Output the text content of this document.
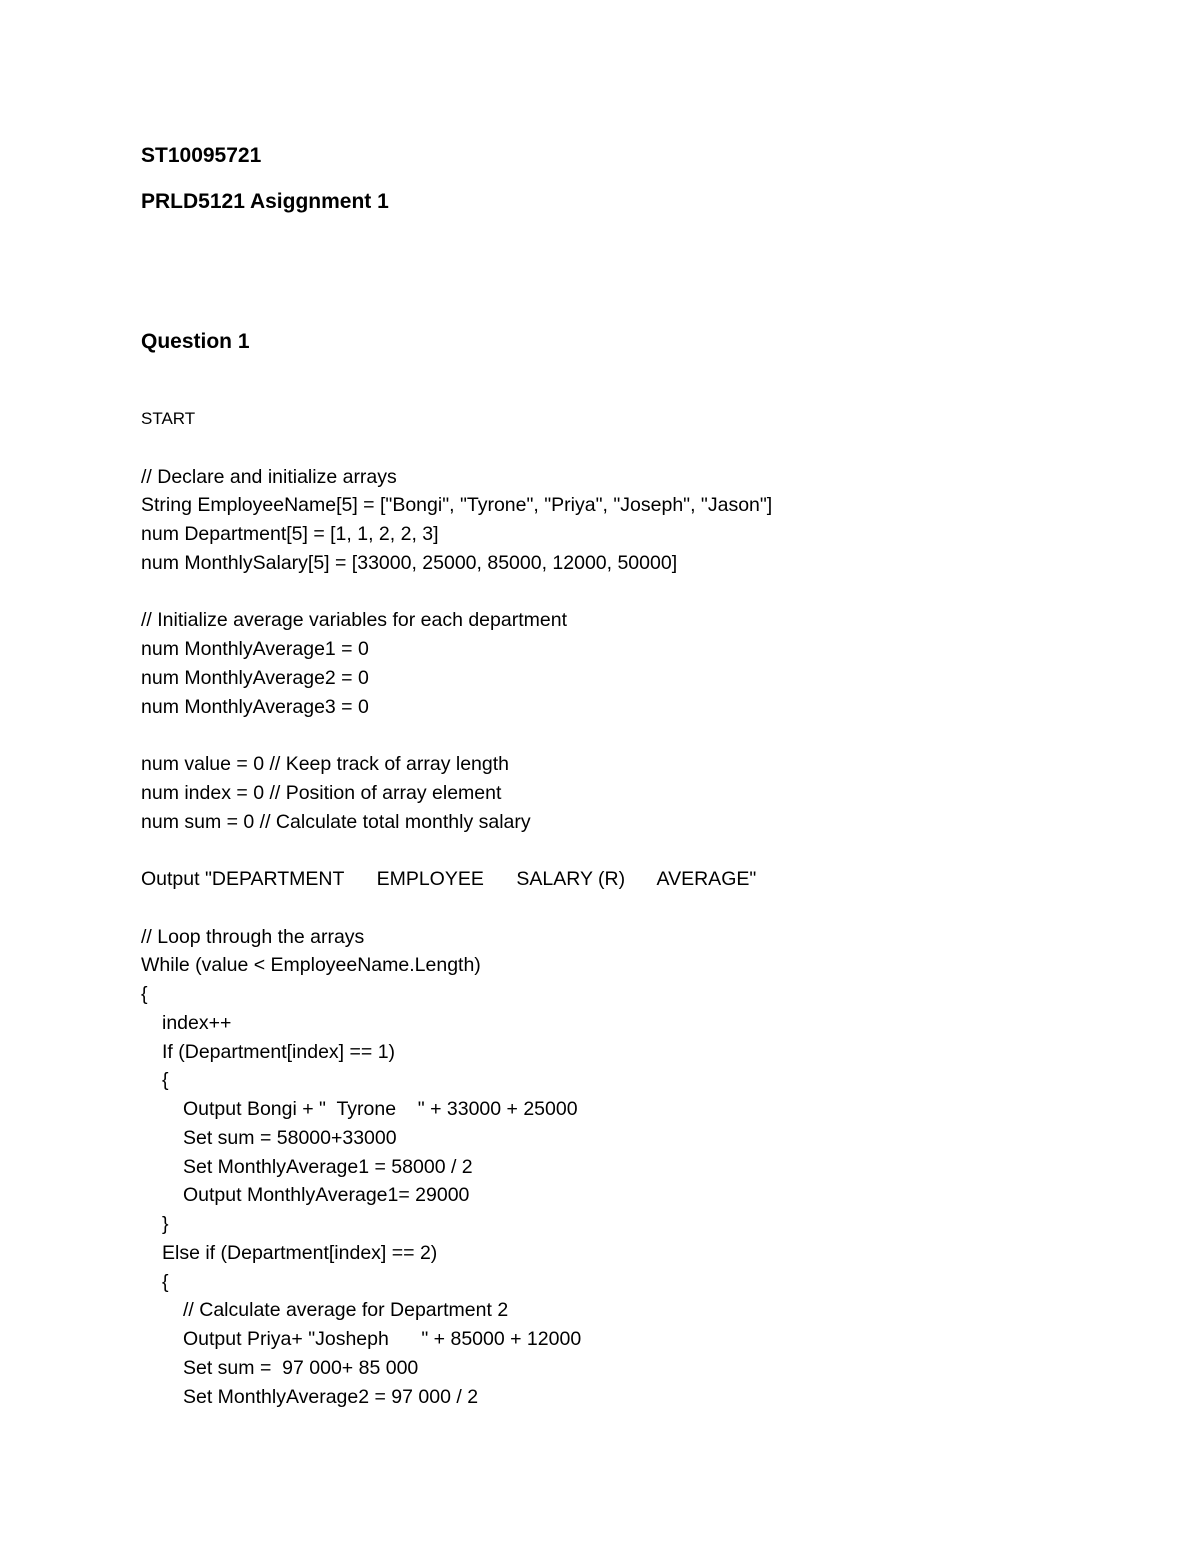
ST10095721

PRLD5121 Asiggnment 1

Question 1

START
// Declare and initialize arrays
String EmployeeName[5] = ["Bongi", "Tyrone", "Priya", "Joseph", "Jason"]
num Department[5] = [1, 1, 2, 2, 3]
num MonthlySalary[5] = [33000, 25000, 85000, 12000, 50000]
// Initialize average variables for each department
num MonthlyAverage1 = 0
num MonthlyAverage2 = 0
num MonthlyAverage3 = 0
num value = 0 // Keep track of array length
num index = 0 // Position of array element
num sum = 0 // Calculate total monthly salary
Output "DEPARTMENT      EMPLOYEE      SALARY (R)      AVERAGE"
// Loop through the arrays
While (value < EmployeeName.Length)
{
index++
If (Department[index] == 1)
{
Output Bongi + "  Tyrone    " + 33000 + 25000
Set sum = 58000+33000
Set MonthlyAverage1 = 58000 / 2
Output MonthlyAverage1= 29000
}
Else if (Department[index] == 2)
{
// Calculate average for Department 2
Output Priya+ "Josheph      " + 85000 + 12000
Set sum =  97 000+ 85 000
Set MonthlyAverage2 = 97 000 / 2
